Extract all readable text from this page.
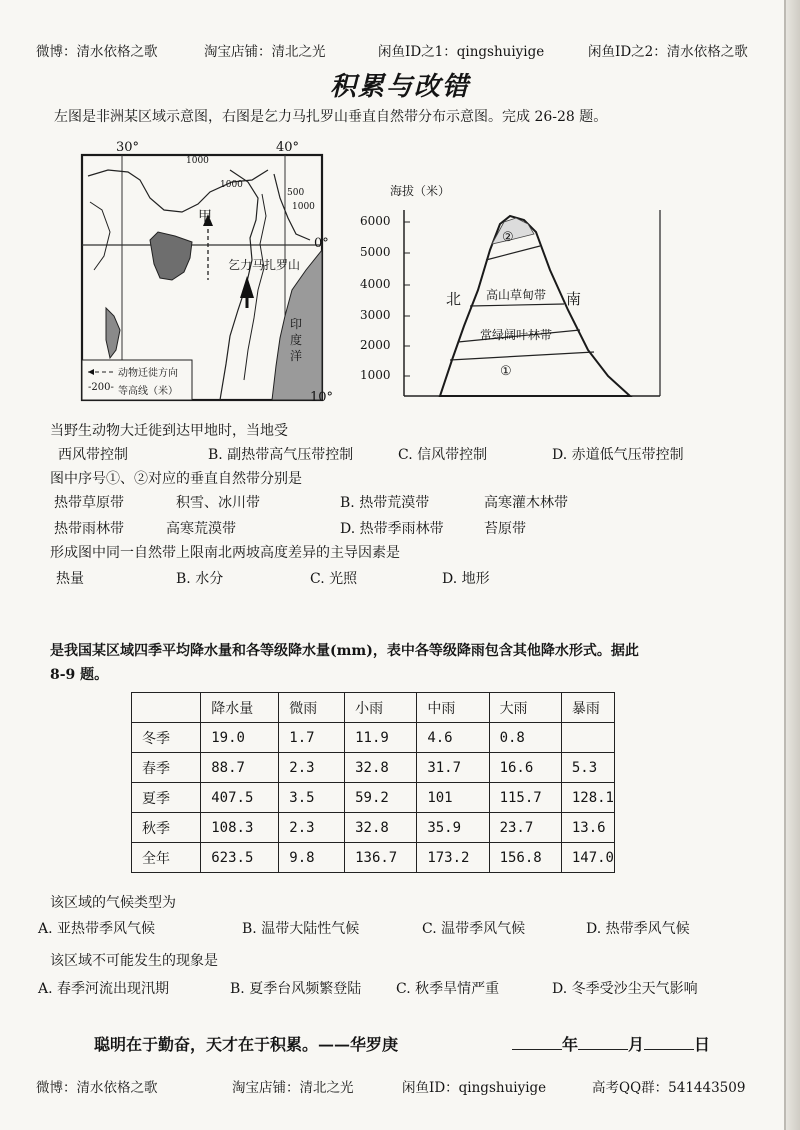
微博：清水依格之歌	淘宝店铺：清北之光	闲鱼ID之1：qingshuiyige	闲鱼ID之2：清水依格之歌
积累与改错
左图是非洲某区域示意图，右图是乞力马扎罗山垂直自然带分布示意图。完成 26-28 题。
30°	40°
0°
10°
1000
1000
500
1000
甲
乞力马扎罗山
印
度
洋
动物迁徙方向
-200- 等高线（米）
海拔（米）
6000
5000
4000
3000
2000
1000
北	南
②
高山草甸带
常绿阔叶林带
①
当野生动物大迁徙到达甲地时，当地受
西风带控制	B. 副热带高气压带控制	C. 信风带控制	D. 赤道低气压带控制
图中序号①、②对应的垂直自然带分别是
热带草原带	积雪、冰川带	B. 热带荒漠带	高寒灌木林带
热带雨林带	高寒荒漠带	D. 热带季雨林带	苔原带
形成图中同一自然带上限南北两坡高度差异的主导因素是
热量	B. 水分	C. 光照	D. 地形
是我国某区域四季平均降水量和各等级降水量(mm)，表中各等级降雨包含其他降水形式。据此
8-9 题。
	降水量	微雨	小雨	中雨	大雨	暴雨
冬季	19.0	1.7	11.9	4.6	0.8	
春季	88.7	2.3	32.8	31.7	16.6	5.3
夏季	407.5	3.5	59.2	101	115.7	128.1
秋季	108.3	2.3	32.8	35.9	23.7	13.6
全年	623.5	9.8	136.7	173.2	156.8	147.0
该区域的气候类型为
A. 亚热带季风气候	B. 温带大陆性气候	C. 温带季风气候	D. 热带季风气候
该区域不可能发生的现象是
A. 春季河流出现汛期	B. 夏季台风频繁登陆 C. 秋季旱情严重	D. 冬季受沙尘天气影响
聪明在于勤奋，天才在于积累。——华罗庚	年	月	日
微博：清水依格之歌	淘宝店铺：清北之光	闲鱼ID：qingshuiyige	高考QQ群：541443509
